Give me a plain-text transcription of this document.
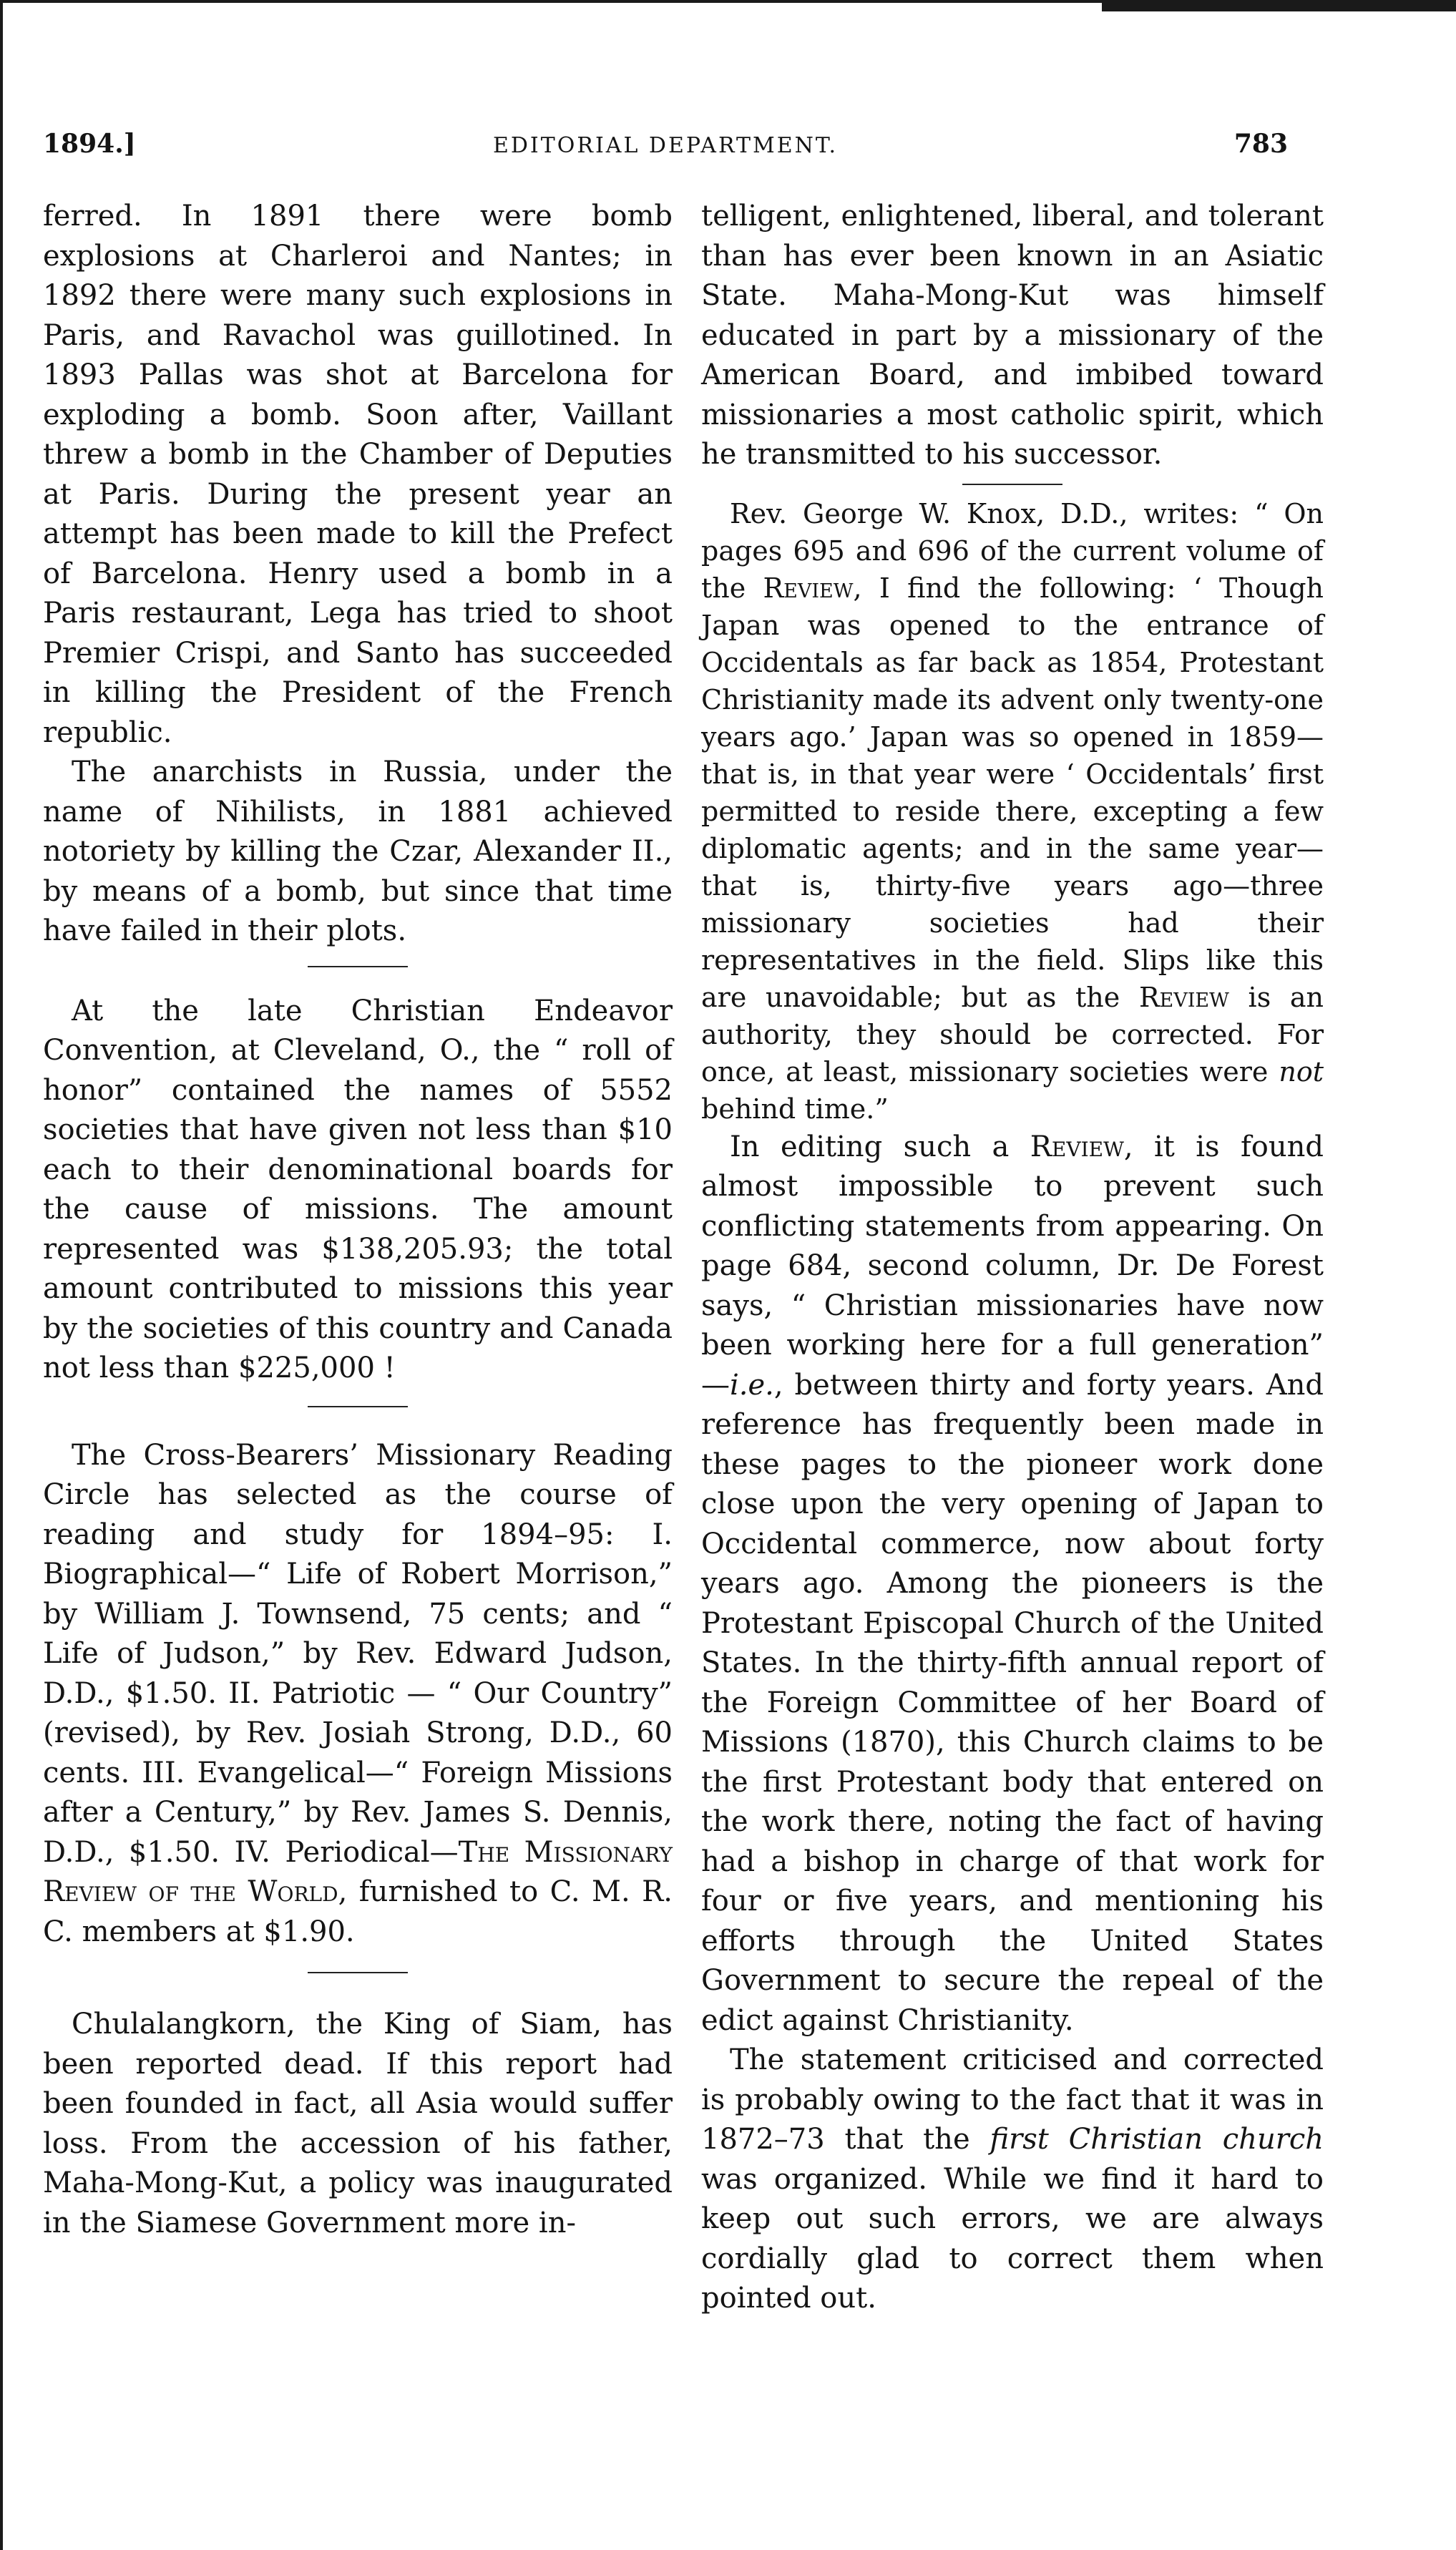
1894.]	EDITORIAL DEPARTMENT.	783

ferred. In 1891 there were bomb explosions at Charleroi and Nantes; in 1892 there were many such explosions in Paris, and Ravachol was guillotined. In 1893 Pallas was shot at Barcelona for exploding a bomb. Soon after, Vaillant threw a bomb in the Chamber of Deputies at Paris. During the present year an attempt has been made to kill the Prefect of Barcelona. Henry used a bomb in a Paris restaurant, Lega has tried to shoot Premier Crispi, and Santo has succeeded in killing the President of the French republic.

The anarchists in Russia, under the name of Nihilists, in 1881 achieved notoriety by killing the Czar, Alexander II., by means of a bomb, but since that time have failed in their plots.

At the late Christian Endeavor Convention, at Cleveland, O., the “ roll of honor” contained the names of 5552 societies that have given not less than $10 each to their denominational boards for the cause of missions. The amount represented was $138,205.93; the total amount contributed to missions this year by the societies of this country and Canada not less than $225,000 !

The Cross-Bearers’ Missionary Reading Circle has selected as the course of reading and study for 1894–95: I. Biographical—“ Life of Robert Morrison,” by William J. Townsend, 75 cents; and “ Life of Judson,” by Rev. Edward Judson, D.D., $1.50. II. Patriotic — “ Our Country” (revised), by Rev. Josiah Strong, D.D., 60 cents. III. Evangelical—“ Foreign Missions after a Century,” by Rev. James S. Dennis, D.D., $1.50. IV. Periodical—The Missionary Review of the World, furnished to C. M. R. C. members at $1.90.

Chulalangkorn, the King of Siam, has been reported dead. If this report had been founded in fact, all Asia would suffer loss. From the accession of his father, Maha-Mong-Kut, a policy was inaugurated in the Siamese Government more in-

telligent, enlightened, liberal, and tolerant than has ever been known in an Asiatic State. Maha-Mong-Kut was himself educated in part by a missionary of the American Board, and imbibed toward missionaries a most catholic spirit, which he transmitted to his successor.

Rev. George W. Knox, D.D., writes: “ On pages 695 and 696 of the current volume of the Review, I find the following: ‘ Though Japan was opened to the entrance of Occidentals as far back as 1854, Protestant Christianity made its advent only twenty-one years ago.’ Japan was so opened in 1859—that is, in that year were ‘ Occidentals’ first permitted to reside there, excepting a few diplomatic agents; and in the same year—that is, thirty-five years ago—three missionary societies had their representatives in the field. Slips like this are unavoidable; but as the Review is an authority, they should be corrected. For once, at least, missionary societies were not behind time.”

In editing such a Review, it is found almost impossible to prevent such conflicting statements from appearing. On page 684, second column, Dr. De Forest says, “ Christian missionaries have now been working here for a full generation” —i.e., between thirty and forty years. And reference has frequently been made in these pages to the pioneer work done close upon the very opening of Japan to Occidental commerce, now about forty years ago. Among the pioneers is the Protestant Episcopal Church of the United States. In the thirty-fifth annual report of the Foreign Committee of her Board of Missions (1870), this Church claims to be the first Protestant body that entered on the work there, noting the fact of having had a bishop in charge of that work for four or five years, and mentioning his efforts through the United States Government to secure the repeal of the edict against Christianity.

The statement criticised and corrected is probably owing to the fact that it was in 1872–73 that the first Christian church was organized. While we find it hard to keep out such errors, we are always cordially glad to correct them when pointed out.
